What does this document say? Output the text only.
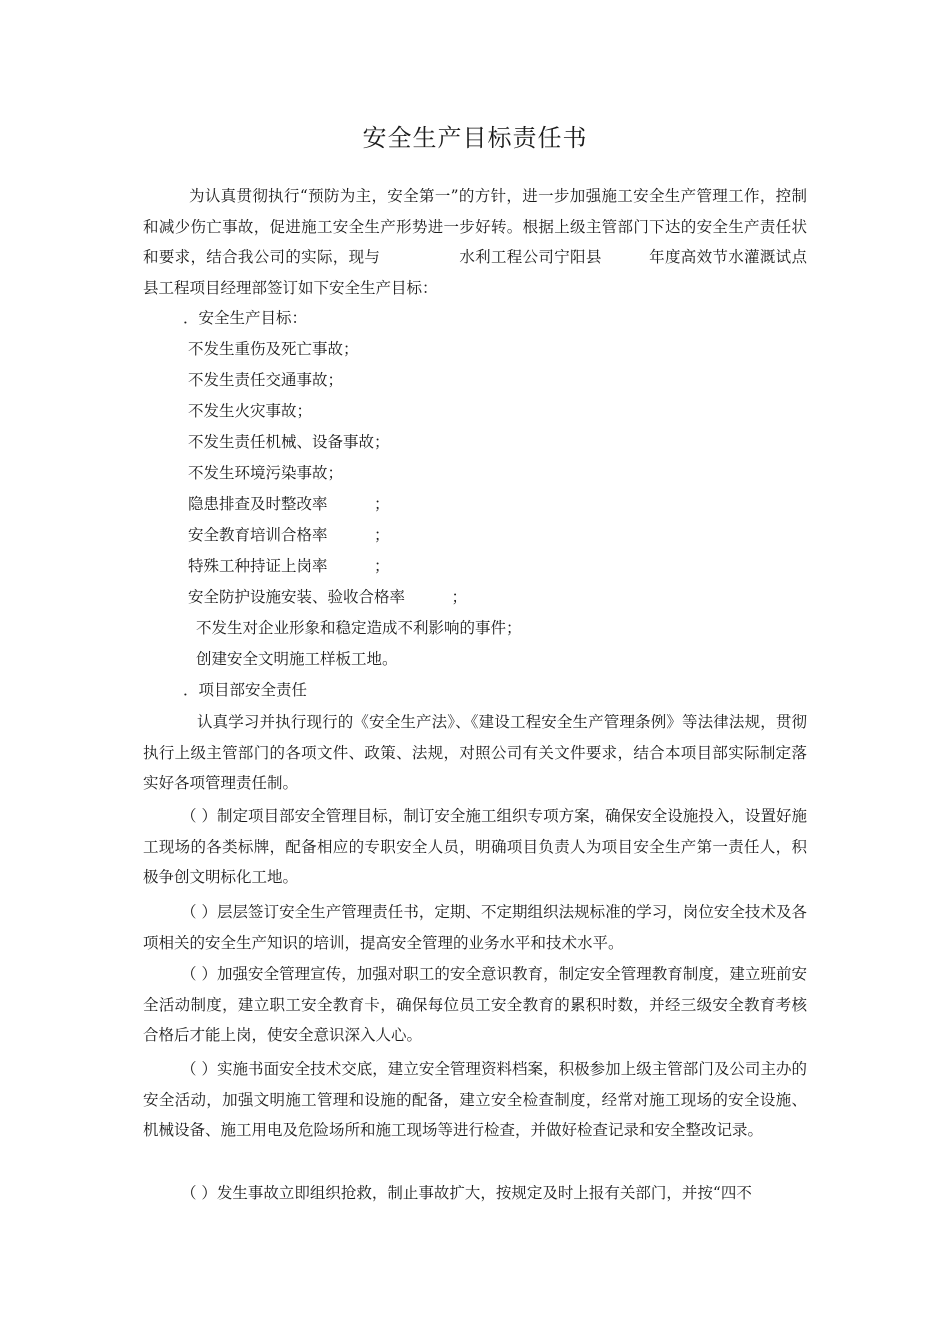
安全生产目标责任书

为认真贯彻执行“预防为主，安全第一”的方针，进一步加强施工安全生产管理工作，控制和减少伤亡事故，促进施工安全生产形势进一步好转。根据上级主管部门下达的安全生产责任状和要求，结合我公司的实际，现与　　　　　水利工程公司宁阳县　　　年度高效节水灌溉试点县工程项目经理部签订如下安全生产目标：

．安全生产目标：

不发生重伤及死亡事故；

不发生责任交通事故；

不发生火灾事故；

不发生责任机械、设备事故；

不发生环境污染事故；

隐患排查及时整改率　　　；

安全教育培训合格率　　　；

特殊工种持证上岗率　　　；

安全防护设施安装、验收合格率　　　；

不发生对企业形象和稳定造成不利影响的事件；

创建安全文明施工样板工地。

．项目部安全责任

认真学习并执行现行的《安全生产法》、《建设工程安全生产管理条例》等法律法规，贯彻执行上级主管部门的各项文件、政策、法规，对照公司有关文件要求，结合本项目部实际制定落实好各项管理责任制。

（ ）制定项目部安全管理目标，制订安全施工组织专项方案，确保安全设施投入，设置好施工现场的各类标牌，配备相应的专职安全人员，明确项目负责人为项目安全生产第一责任人，积极争创文明标化工地。

（ ）层层签订安全生产管理责任书，定期、不定期组织法规标准的学习，岗位安全技术及各项相关的安全生产知识的培训，提高安全管理的业务水平和技术水平。

（ ）加强安全管理宣传，加强对职工的安全意识教育，制定安全管理教育制度，建立班前安全活动制度，建立职工安全教育卡，确保每位员工安全教育的累积时数，并经三级安全教育考核合格后才能上岗，使安全意识深入人心。

（ ）实施书面安全技术交底，建立安全管理资料档案，积极参加上级主管部门及公司主办的安全活动，加强文明施工管理和设施的配备，建立安全检查制度，经常对施工现场的安全设施、机械设备、施工用电及危险场所和施工现场等进行检查，并做好检查记录和安全整改记录。

（ ）发生事故立即组织抢救，制止事故扩大，按规定及时上报有关部门，并按“四不
